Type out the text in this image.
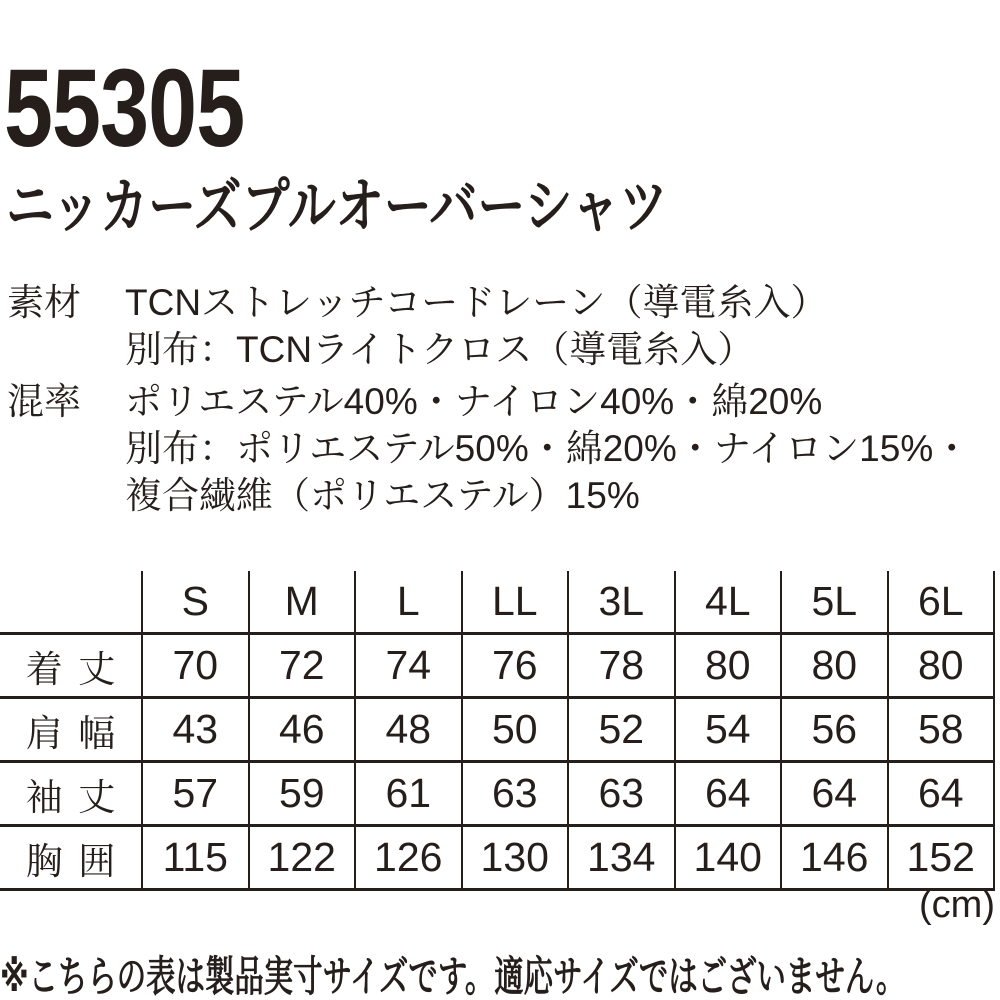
55305
ニッカーズプルオーバーシャツ
素材	TCNストレッチコードレーン（導電糸入）
別布：TCNライトクロス（導電糸入）
混率	ポリエステル40%・ナイロン40%・綿20%
別布：ポリエステル50%・綿20%・ナイロン15%・
複合繊維（ポリエステル）15%
	S	M	L	LL	3L	4L	5L	6L
着丈	70	72	74	76	78	80	80	80
肩幅	43	46	48	50	52	54	56	58
袖丈	57	59	61	63	63	64	64	64
胸囲	115	122	126	130	134	140	146	152
(cm)

※こちらの表は製品実寸サイズです。適応サイズではございません。
